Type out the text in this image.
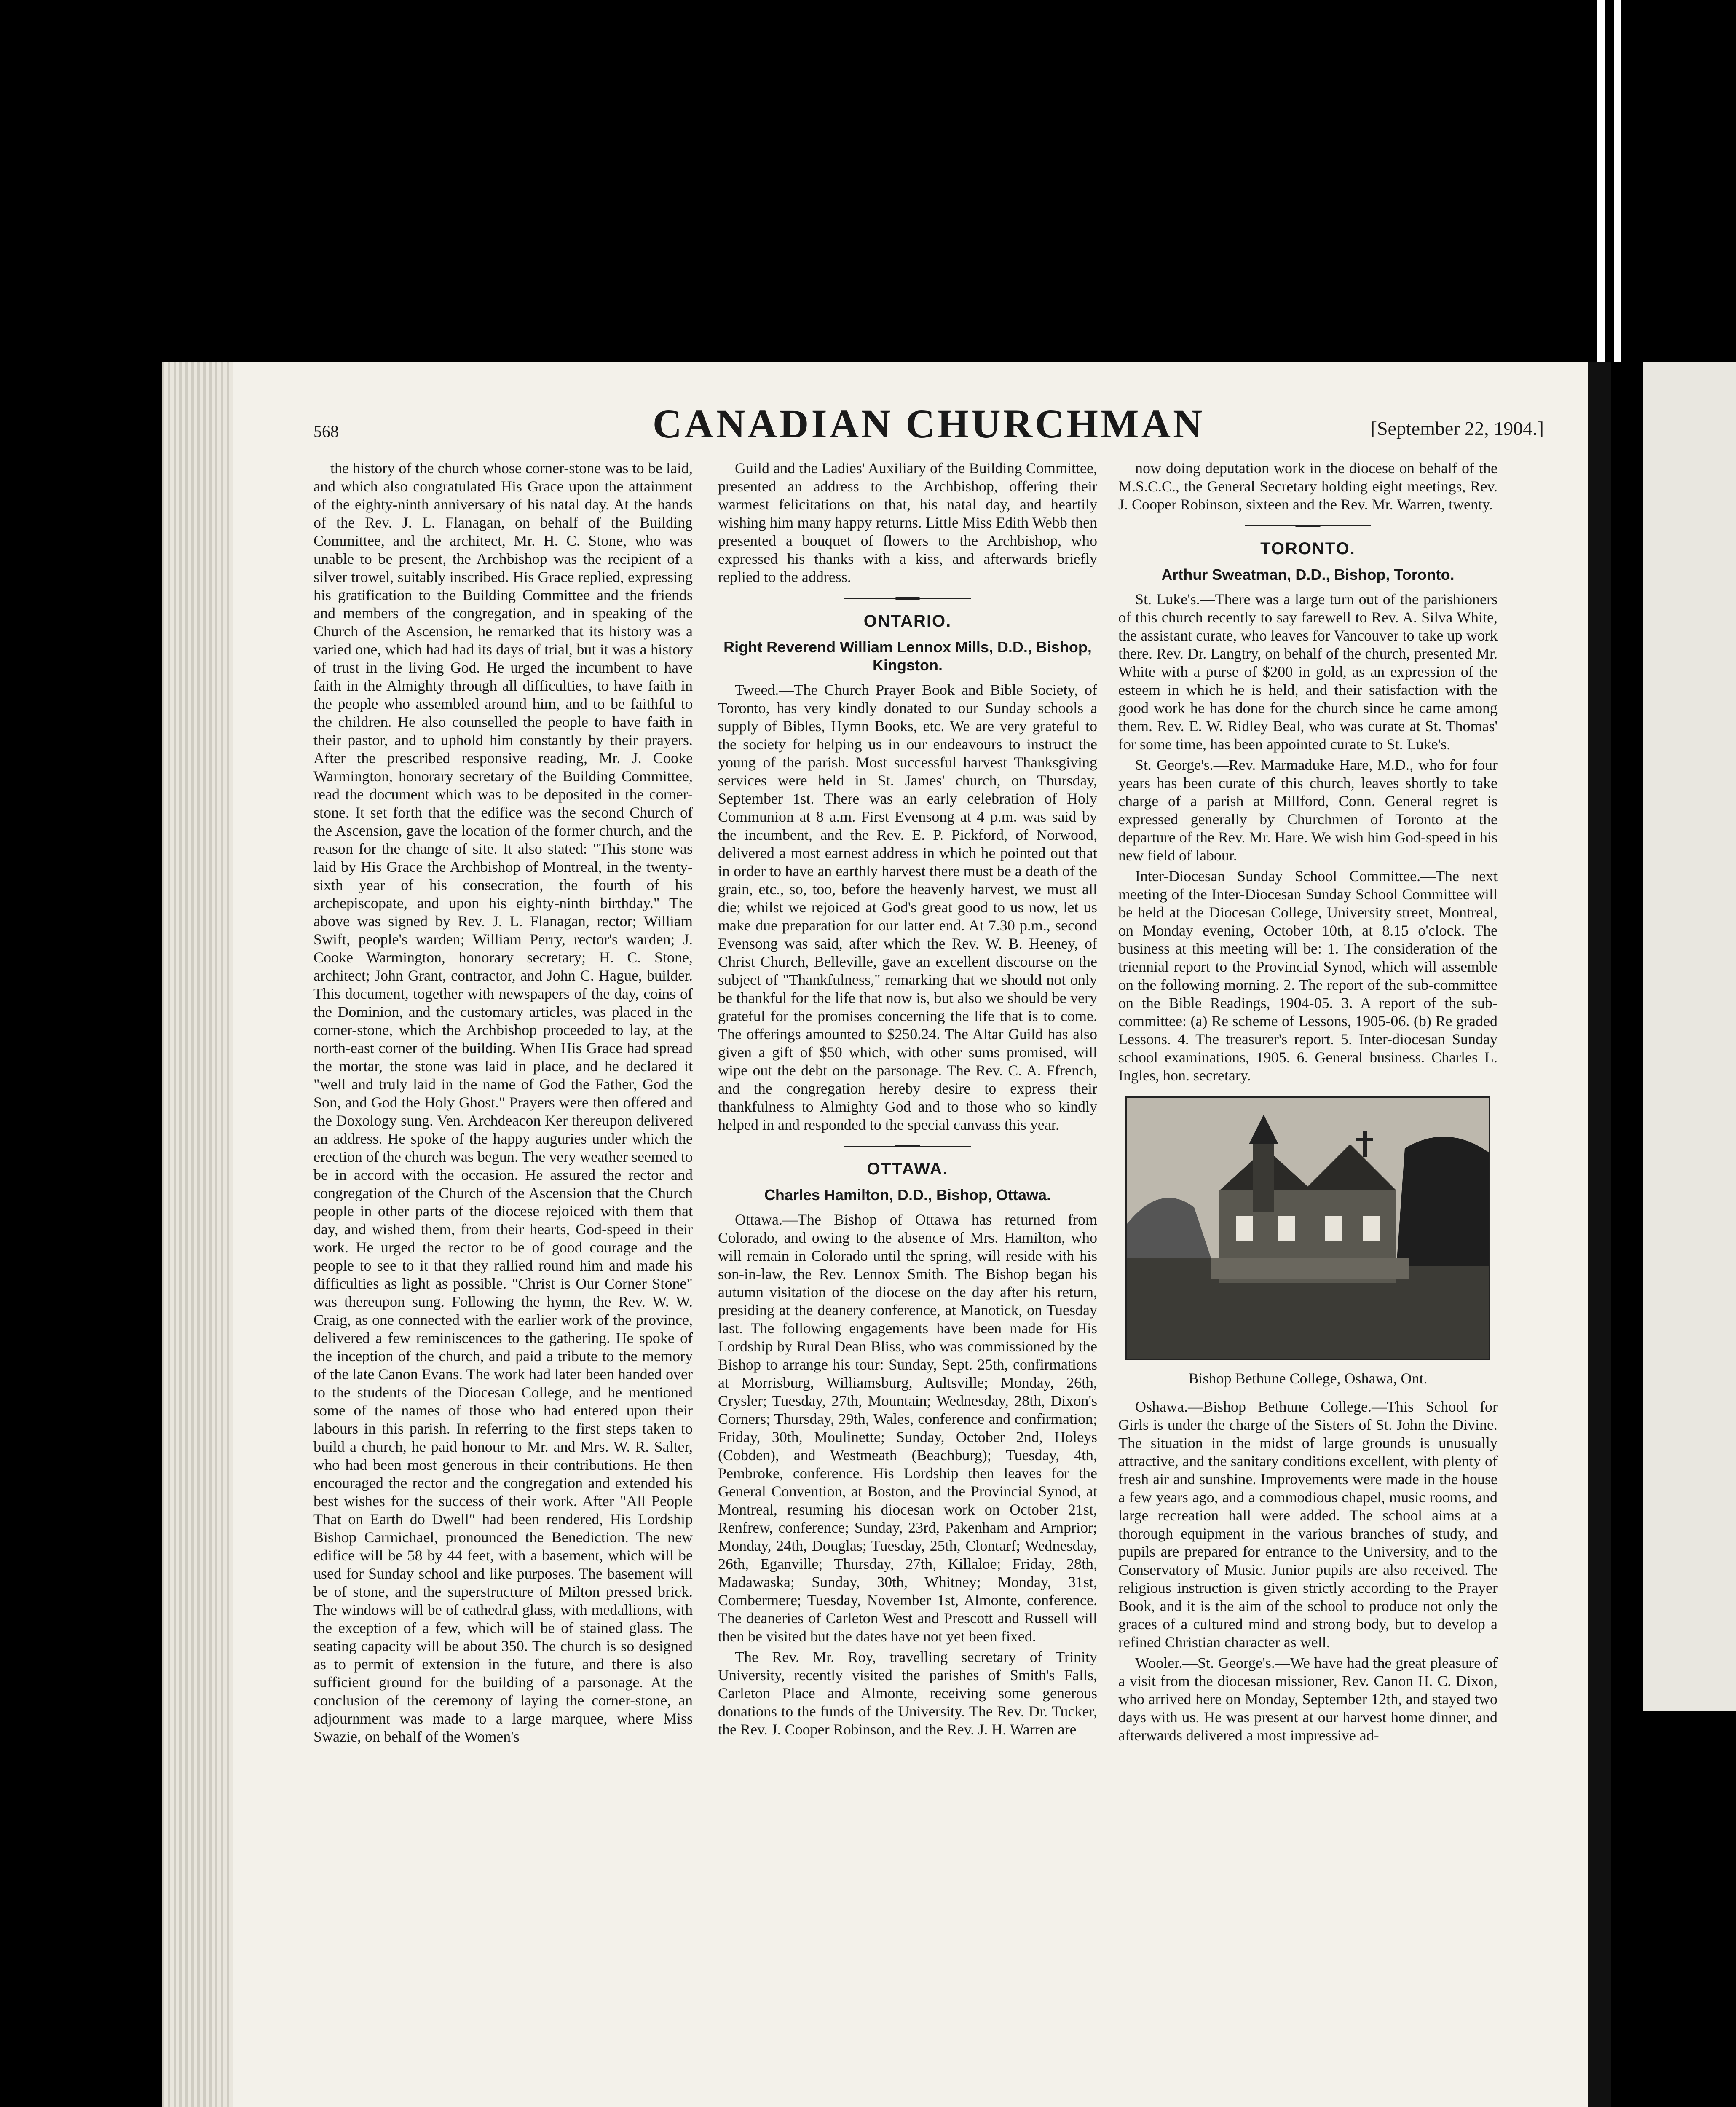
568	CANADIAN CHURCHMAN	[September 22, 1904.]

the history of the church whose corner-stone was to be laid, and which also congratulated His Grace upon the attainment of the eighty-ninth anniversary of his natal day. At the hands of the Rev. J. L. Flanagan, on behalf of the Building Committee, and the architect, Mr. H. C. Stone, who was unable to be present, the Archbishop was the recipient of a silver trowel, suitably inscribed. His Grace replied, expressing his gratification to the Building Committee and the friends and members of the congregation, and in speaking of the Church of the Ascension, he remarked that its history was a varied one, which had had its days of trial, but it was a history of trust in the living God. He urged the incumbent to have faith in the Almighty through all difficulties, to have faith in the people who assembled around him, and to be faithful to the children. He also counselled the people to have faith in their pastor, and to uphold him constantly by their prayers. After the prescribed responsive reading, Mr. J. Cooke Warmington, honorary secretary of the Building Committee, read the document which was to be deposited in the corner-stone. It set forth that the edifice was the second Church of the Ascension, gave the location of the former church, and the reason for the change of site. It also stated: "This stone was laid by His Grace the Archbishop of Montreal, in the twenty-sixth year of his consecration, the fourth of his archepiscopate, and upon his eighty-ninth birthday." The above was signed by Rev. J. L. Flanagan, rector; William Swift, people's warden; William Perry, rector's warden; J. Cooke Warmington, honorary secretary; H. C. Stone, architect; John Grant, contractor, and John C. Hague, builder. This document, together with newspapers of the day, coins of the Dominion, and the customary articles, was placed in the corner-stone, which the Archbishop proceeded to lay, at the north-east corner of the building. When His Grace had spread the mortar, the stone was laid in place, and he declared it "well and truly laid in the name of God the Father, God the Son, and God the Holy Ghost." Prayers were then offered and the Doxology sung. Ven. Archdeacon Ker thereupon delivered an address. He spoke of the happy auguries under which the erection of the church was begun. The very weather seemed to be in accord with the occasion. He assured the rector and congregation of the Church of the Ascension that the Church people in other parts of the diocese rejoiced with them that day, and wished them, from their hearts, God-speed in their work. He urged the rector to be of good courage and the people to see to it that they rallied round him and made his difficulties as light as possible. "Christ is Our Corner Stone" was thereupon sung. Following the hymn, the Rev. W. W. Craig, as one connected with the earlier work of the province, delivered a few reminiscences to the gathering. He spoke of the inception of the church, and paid a tribute to the memory of the late Canon Evans. The work had later been handed over to the students of the Diocesan College, and he mentioned some of the names of those who had entered upon their labours in this parish. In referring to the first steps taken to build a church, he paid honour to Mr. and Mrs. W. R. Salter, who had been most generous in their contributions. He then encouraged the rector and the congregation and extended his best wishes for the success of their work. After "All People That on Earth do Dwell" had been rendered, His Lordship Bishop Carmichael, pronounced the Benediction. The new edifice will be 58 by 44 feet, with a basement, which will be used for Sunday school and like purposes. The basement will be of stone, and the superstructure of Milton pressed brick. The windows will be of cathedral glass, with medallions, with the exception of a few, which will be of stained glass. The seating capacity will be about 350. The church is so designed as to permit of extension in the future, and there is also sufficient ground for the building of a parsonage. At the conclusion of the ceremony of laying the corner-stone, an adjournment was made to a large marquee, where Miss Swazie, on behalf of the Women's

Guild and the Ladies' Auxiliary of the Building Committee, presented an address to the Archbishop, offering their warmest felicitations on that, his natal day, and heartily wishing him many happy returns. Little Miss Edith Webb then presented a bouquet of flowers to the Archbishop, who expressed his thanks with a kiss, and afterwards briefly replied to the address.

ONTARIO.
Right Reverend William Lennox Mills, D.D., Bishop, Kingston.

Tweed.—The Church Prayer Book and Bible Society, of Toronto, has very kindly donated to our Sunday schools a supply of Bibles, Hymn Books, etc. We are very grateful to the society for helping us in our endeavours to instruct the young of the parish. Most successful harvest Thanksgiving services were held in St. James' church, on Thursday, September 1st. There was an early celebration of Holy Communion at 8 a.m. First Evensong at 4 p.m. was said by the incumbent, and the Rev. E. P. Pickford, of Norwood, delivered a most earnest address in which he pointed out that in order to have an earthly harvest there must be a death of the grain, etc., so, too, before the heavenly harvest, we must all die; whilst we rejoiced at God's great good to us now, let us make due preparation for our latter end. At 7.30 p.m., second Evensong was said, after which the Rev. W. B. Heeney, of Christ Church, Belleville, gave an excellent discourse on the subject of "Thankfulness," remarking that we should not only be thankful for the life that now is, but also we should be very grateful for the promises concerning the life that is to come. The offerings amounted to $250.24. The Altar Guild has also given a gift of $50 which, with other sums promised, will wipe out the debt on the parsonage. The Rev. C. A. Ffrench, and the congregation hereby desire to express their thankfulness to Almighty God and to those who so kindly helped in and responded to the special canvass this year.

OTTAWA.
Charles Hamilton, D.D., Bishop, Ottawa.

Ottawa.—The Bishop of Ottawa has returned from Colorado, and owing to the absence of Mrs. Hamilton, who will remain in Colorado until the spring, will reside with his son-in-law, the Rev. Lennox Smith. The Bishop began his autumn visitation of the diocese on the day after his return, presiding at the deanery conference, at Manotick, on Tuesday last. The following engagements have been made for His Lordship by Rural Dean Bliss, who was commissioned by the Bishop to arrange his tour: Sunday, Sept. 25th, confirmations at Morrisburg, Williamsburg, Aultsville; Monday, 26th, Crysler; Tuesday, 27th, Mountain; Wednesday, 28th, Dixon's Corners; Thursday, 29th, Wales, conference and confirmation; Friday, 30th, Moulinette; Sunday, October 2nd, Holeys (Cobden), and Westmeath (Beachburg); Tuesday, 4th, Pembroke, conference. His Lordship then leaves for the General Convention, at Boston, and the Provincial Synod, at Montreal, resuming his diocesan work on October 21st, Renfrew, conference; Sunday, 23rd, Pakenham and Arnprior; Monday, 24th, Douglas; Tuesday, 25th, Clontarf; Wednesday, 26th, Eganville; Thursday, 27th, Killaloe; Friday, 28th, Madawaska; Sunday, 30th, Whitney; Monday, 31st, Combermere; Tuesday, November 1st, Almonte, conference. The deaneries of Carleton West and Prescott and Russell will then be visited but the dates have not yet been fixed.

The Rev. Mr. Roy, travelling secretary of Trinity University, recently visited the parishes of Smith's Falls, Carleton Place and Almonte, receiving some generous donations to the funds of the University. The Rev. Dr. Tucker, the Rev. J. Cooper Robinson, and the Rev. J. H. Warren are

now doing deputation work in the diocese on behalf of the M.S.C.C., the General Secretary holding eight meetings, Rev. J. Cooper Robinson, sixteen and the Rev. Mr. Warren, twenty.

TORONTO.
Arthur Sweatman, D.D., Bishop, Toronto.

St. Luke's.—There was a large turn out of the parishioners of this church recently to say farewell to Rev. A. Silva White, the assistant curate, who leaves for Vancouver to take up work there. Rev. Dr. Langtry, on behalf of the church, presented Mr. White with a purse of $200 in gold, as an expression of the esteem in which he is held, and their satisfaction with the good work he has done for the church since he came among them. Rev. E. W. Ridley Beal, who was curate at St. Thomas' for some time, has been appointed curate to St. Luke's.

St. George's.—Rev. Marmaduke Hare, M.D., who for four years has been curate of this church, leaves shortly to take charge of a parish at Millford, Conn. General regret is expressed generally by Churchmen of Toronto at the departure of the Rev. Mr. Hare. We wish him God-speed in his new field of labour.

Inter-Diocesan Sunday School Committee.—The next meeting of the Inter-Diocesan Sunday School Committee will be held at the Diocesan College, University street, Montreal, on Monday evening, October 10th, at 8.15 o'clock. The business at this meeting will be: 1. The consideration of the triennial report to the Provincial Synod, which will assemble on the following morning. 2. The report of the sub-committee on the Bible Readings, 1904-05. 3. A report of the sub-committee: (a) Re scheme of Lessons, 1905-06. (b) Re graded Lessons. 4. The treasurer's report. 5. Inter-diocesan Sunday school examinations, 1905. 6. General business. Charles L. Ingles, hon. secretary.

Bishop Bethune College, Oshawa, Ont.

Oshawa.—Bishop Bethune College.—This School for Girls is under the charge of the Sisters of St. John the Divine. The situation in the midst of large grounds is unusually attractive, and the sanitary conditions excellent, with plenty of fresh air and sunshine. Improvements were made in the house a few years ago, and a commodious chapel, music rooms, and large recreation hall were added. The school aims at a thorough equipment in the various branches of study, and pupils are prepared for entrance to the University, and to the Conservatory of Music. Junior pupils are also received. The religious instruction is given strictly according to the Prayer Book, and it is the aim of the school to produce not only the graces of a cultured mind and strong body, but to develop a refined Christian character as well.

Wooler.—St. George's.—We have had the great pleasure of a visit from the diocesan missioner, Rev. Canon H. C. Dixon, who arrived here on Monday, September 12th, and stayed two days with us. He was present at our harvest home dinner, and afterwards delivered a most impressive ad-
